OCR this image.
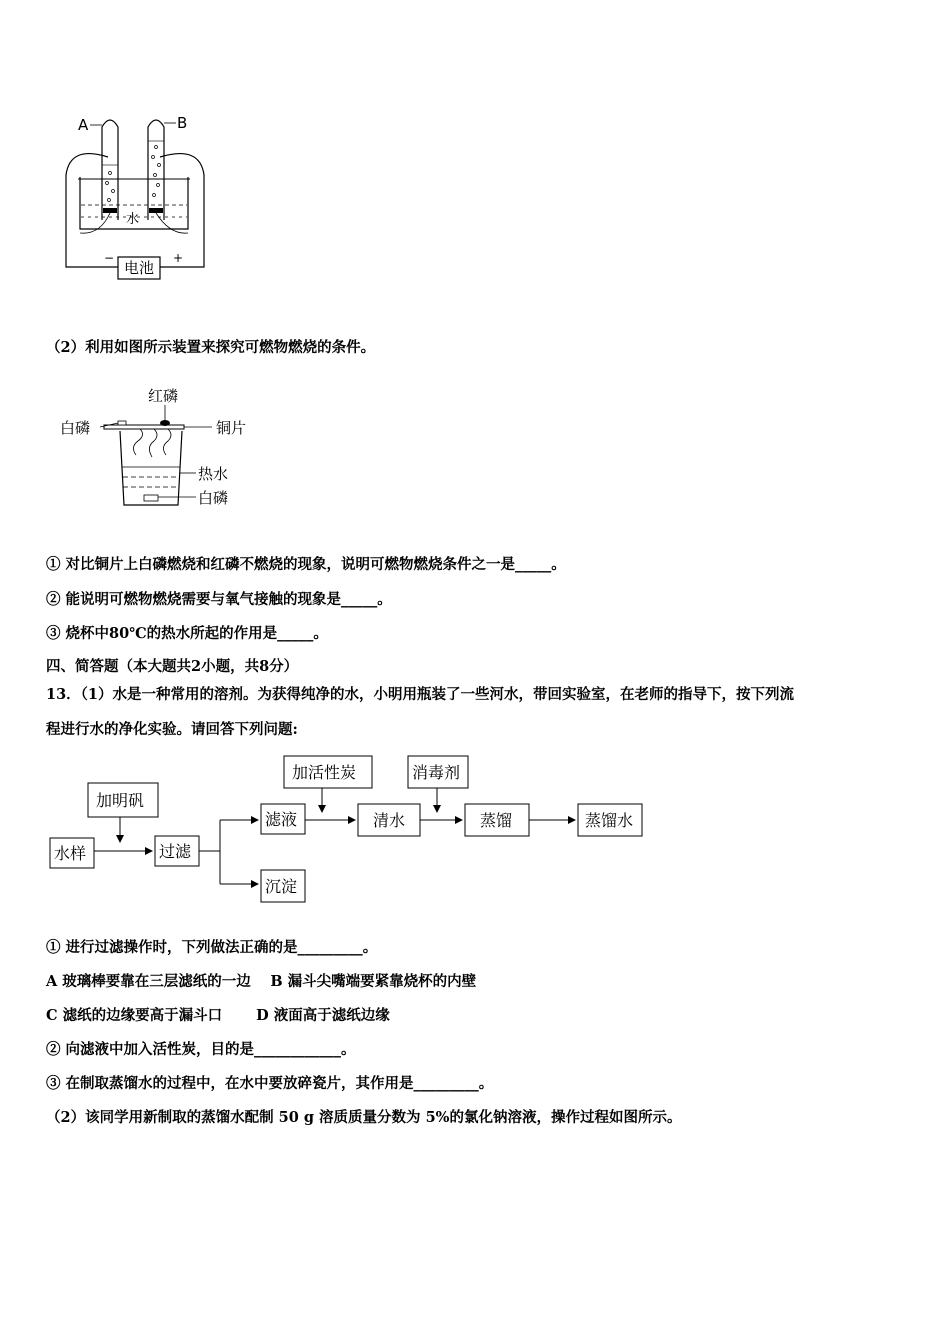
A	B
水
电池
−	+
（2）利用如图所示装置来探究可燃物燃烧的条件。
红磷
白磷	铜片
热水
白磷
① 对比铜片上白磷燃烧和红磷不燃烧的现象，说明可燃物燃烧条件之一是_____。
② 能说明可燃物燃烧需要与氧气接触的现象是_____。
③ 烧杯中80℃的热水所起的作用是_____。
四、简答题（本大题共2小题，共8分）
13．（1）水是一种常用的溶剂。为获得纯净的水，小明用瓶装了一些河水，带回实验室，在老师的指导下，按下列流
程进行水的净化实验。请回答下列问题:
加明矾
水样	过滤
滤液
沉淀
加活性炭
清水
消毒剂
蒸馏	蒸馏水
① 进行过滤操作时，下列做法正确的是_________。
A 玻璃棒要靠在三层滤纸的一边　 B 漏斗尖嘴端要紧靠烧杯的内壁
C 滤纸的边缘要高于漏斗口　　 D 液面高于滤纸边缘
② 向滤液中加入活性炭，目的是____________。
③ 在制取蒸馏水的过程中，在水中要放碎瓷片，其作用是_________。
（2）该同学用新制取的蒸馏水配制 50 g 溶质质量分数为 5%的氯化钠溶液，操作过程如图所示。
